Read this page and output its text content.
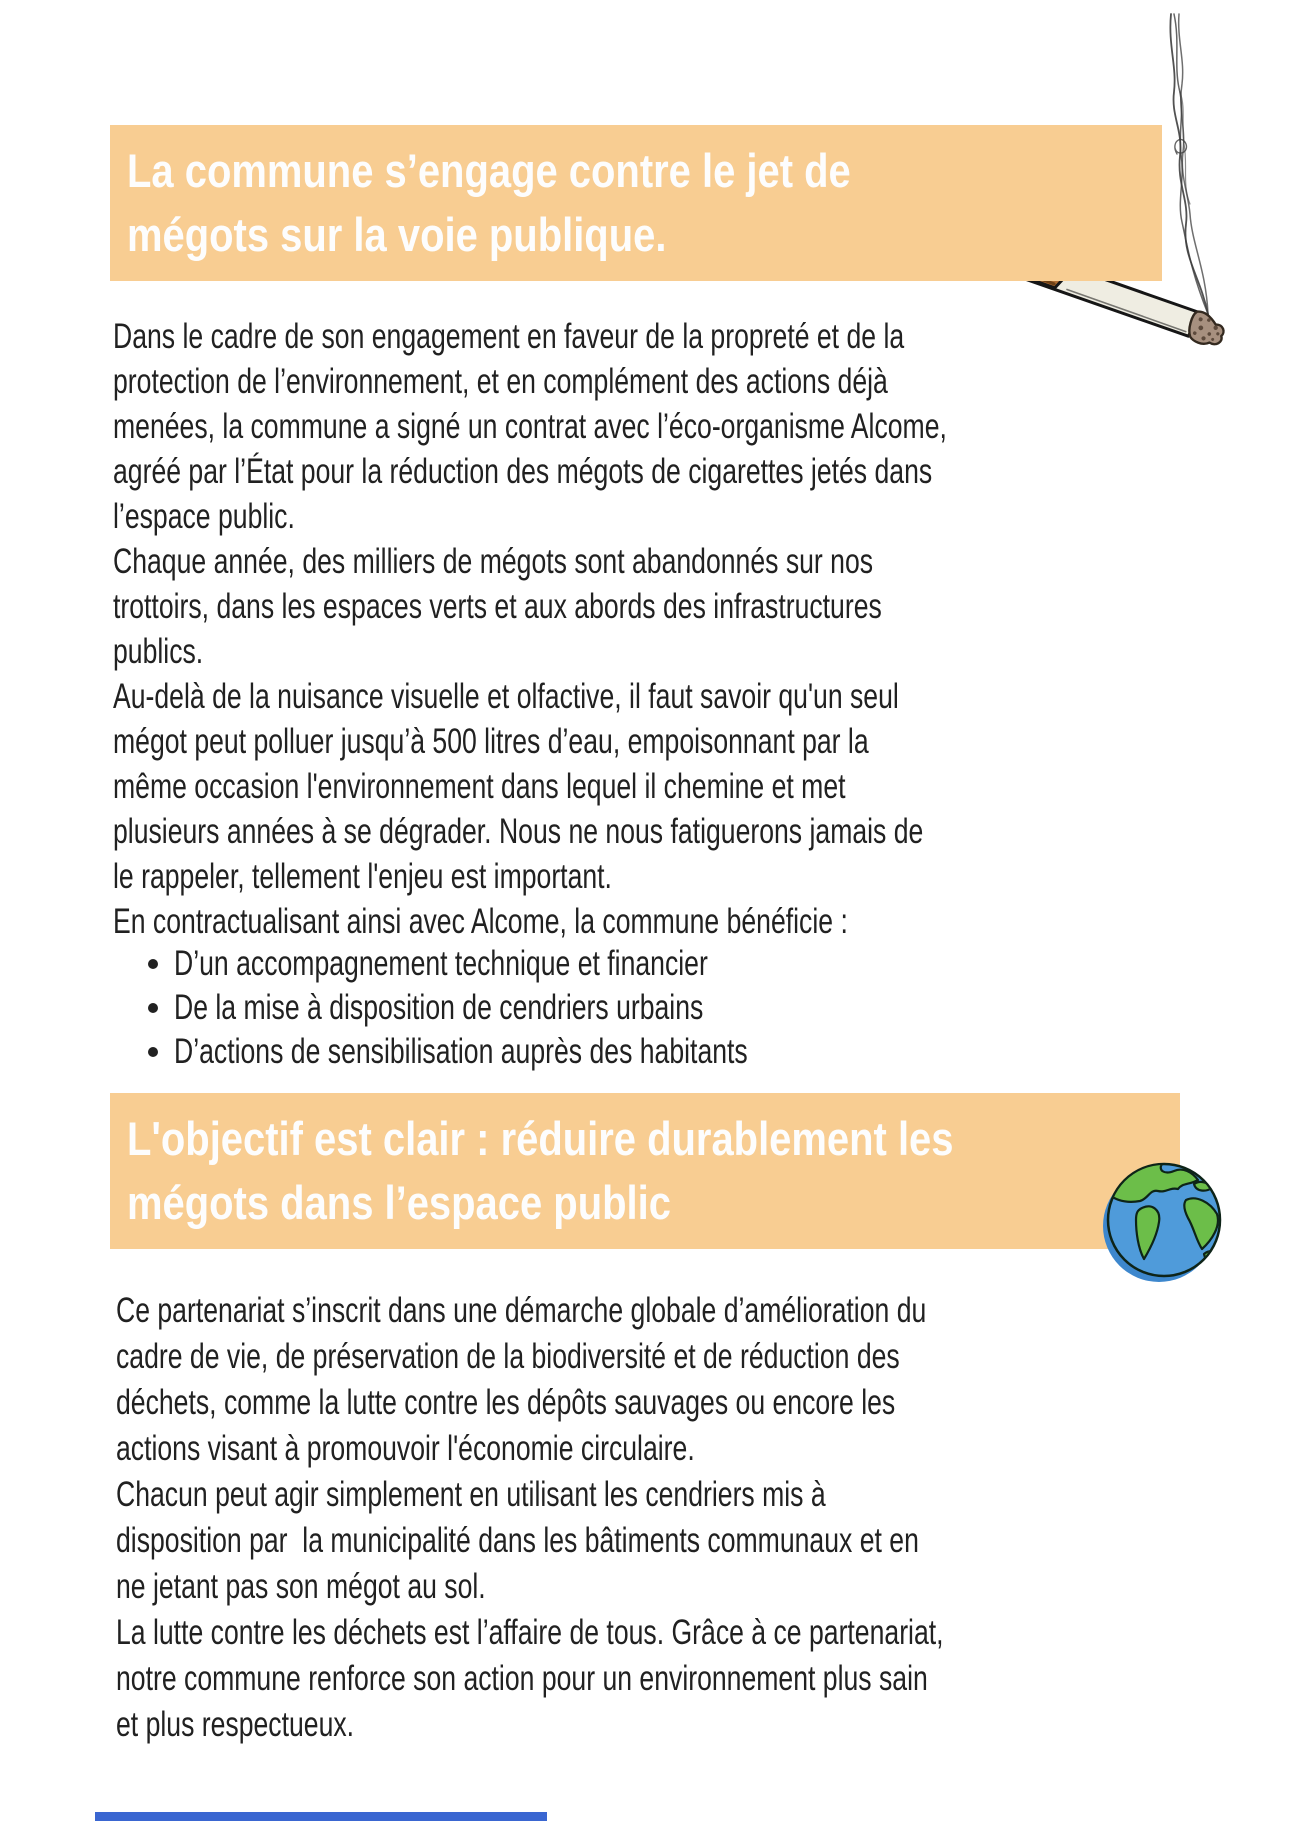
La commune s’engage contre le jet de
mégots sur la voie publique.
Dans le cadre de son engagement en faveur de la propreté et de la
protection de l’environnement, et en complément des actions déjà
menées, la commune a signé un contrat avec l’éco-organisme Alcome,
agréé par l’État pour la réduction des mégots de cigarettes jetés dans
l’espace public.
Chaque année, des milliers de mégots sont abandonnés sur nos
trottoirs, dans les espaces verts et aux abords des infrastructures
publics.
Au-delà de la nuisance visuelle et olfactive, il faut savoir qu'un seul
mégot peut polluer jusqu’à 500 litres d’eau, empoisonnant par la
même occasion l'environnement dans lequel il chemine et met
plusieurs années à se dégrader. Nous ne nous fatiguerons jamais de
le rappeler, tellement l'enjeu est important.
En contractualisant ainsi avec Alcome, la commune bénéficie :
D’un accompagnement technique et financier
De la mise à disposition de cendriers urbains
D’actions de sensibilisation auprès des habitants
L'objectif est clair : réduire durablement les
mégots dans l’espace public
Ce partenariat s’inscrit dans une démarche globale d’amélioration du
cadre de vie, de préservation de la biodiversité et de réduction des
déchets, comme la lutte contre les dépôts sauvages ou encore les
actions visant à promouvoir l'économie circulaire.
Chacun peut agir simplement en utilisant les cendriers mis à
disposition par  la municipalité dans les bâtiments communaux et en
ne jetant pas son mégot au sol.
La lutte contre les déchets est l’affaire de tous. Grâce à ce partenariat,
notre commune renforce son action pour un environnement plus sain
et plus respectueux.
